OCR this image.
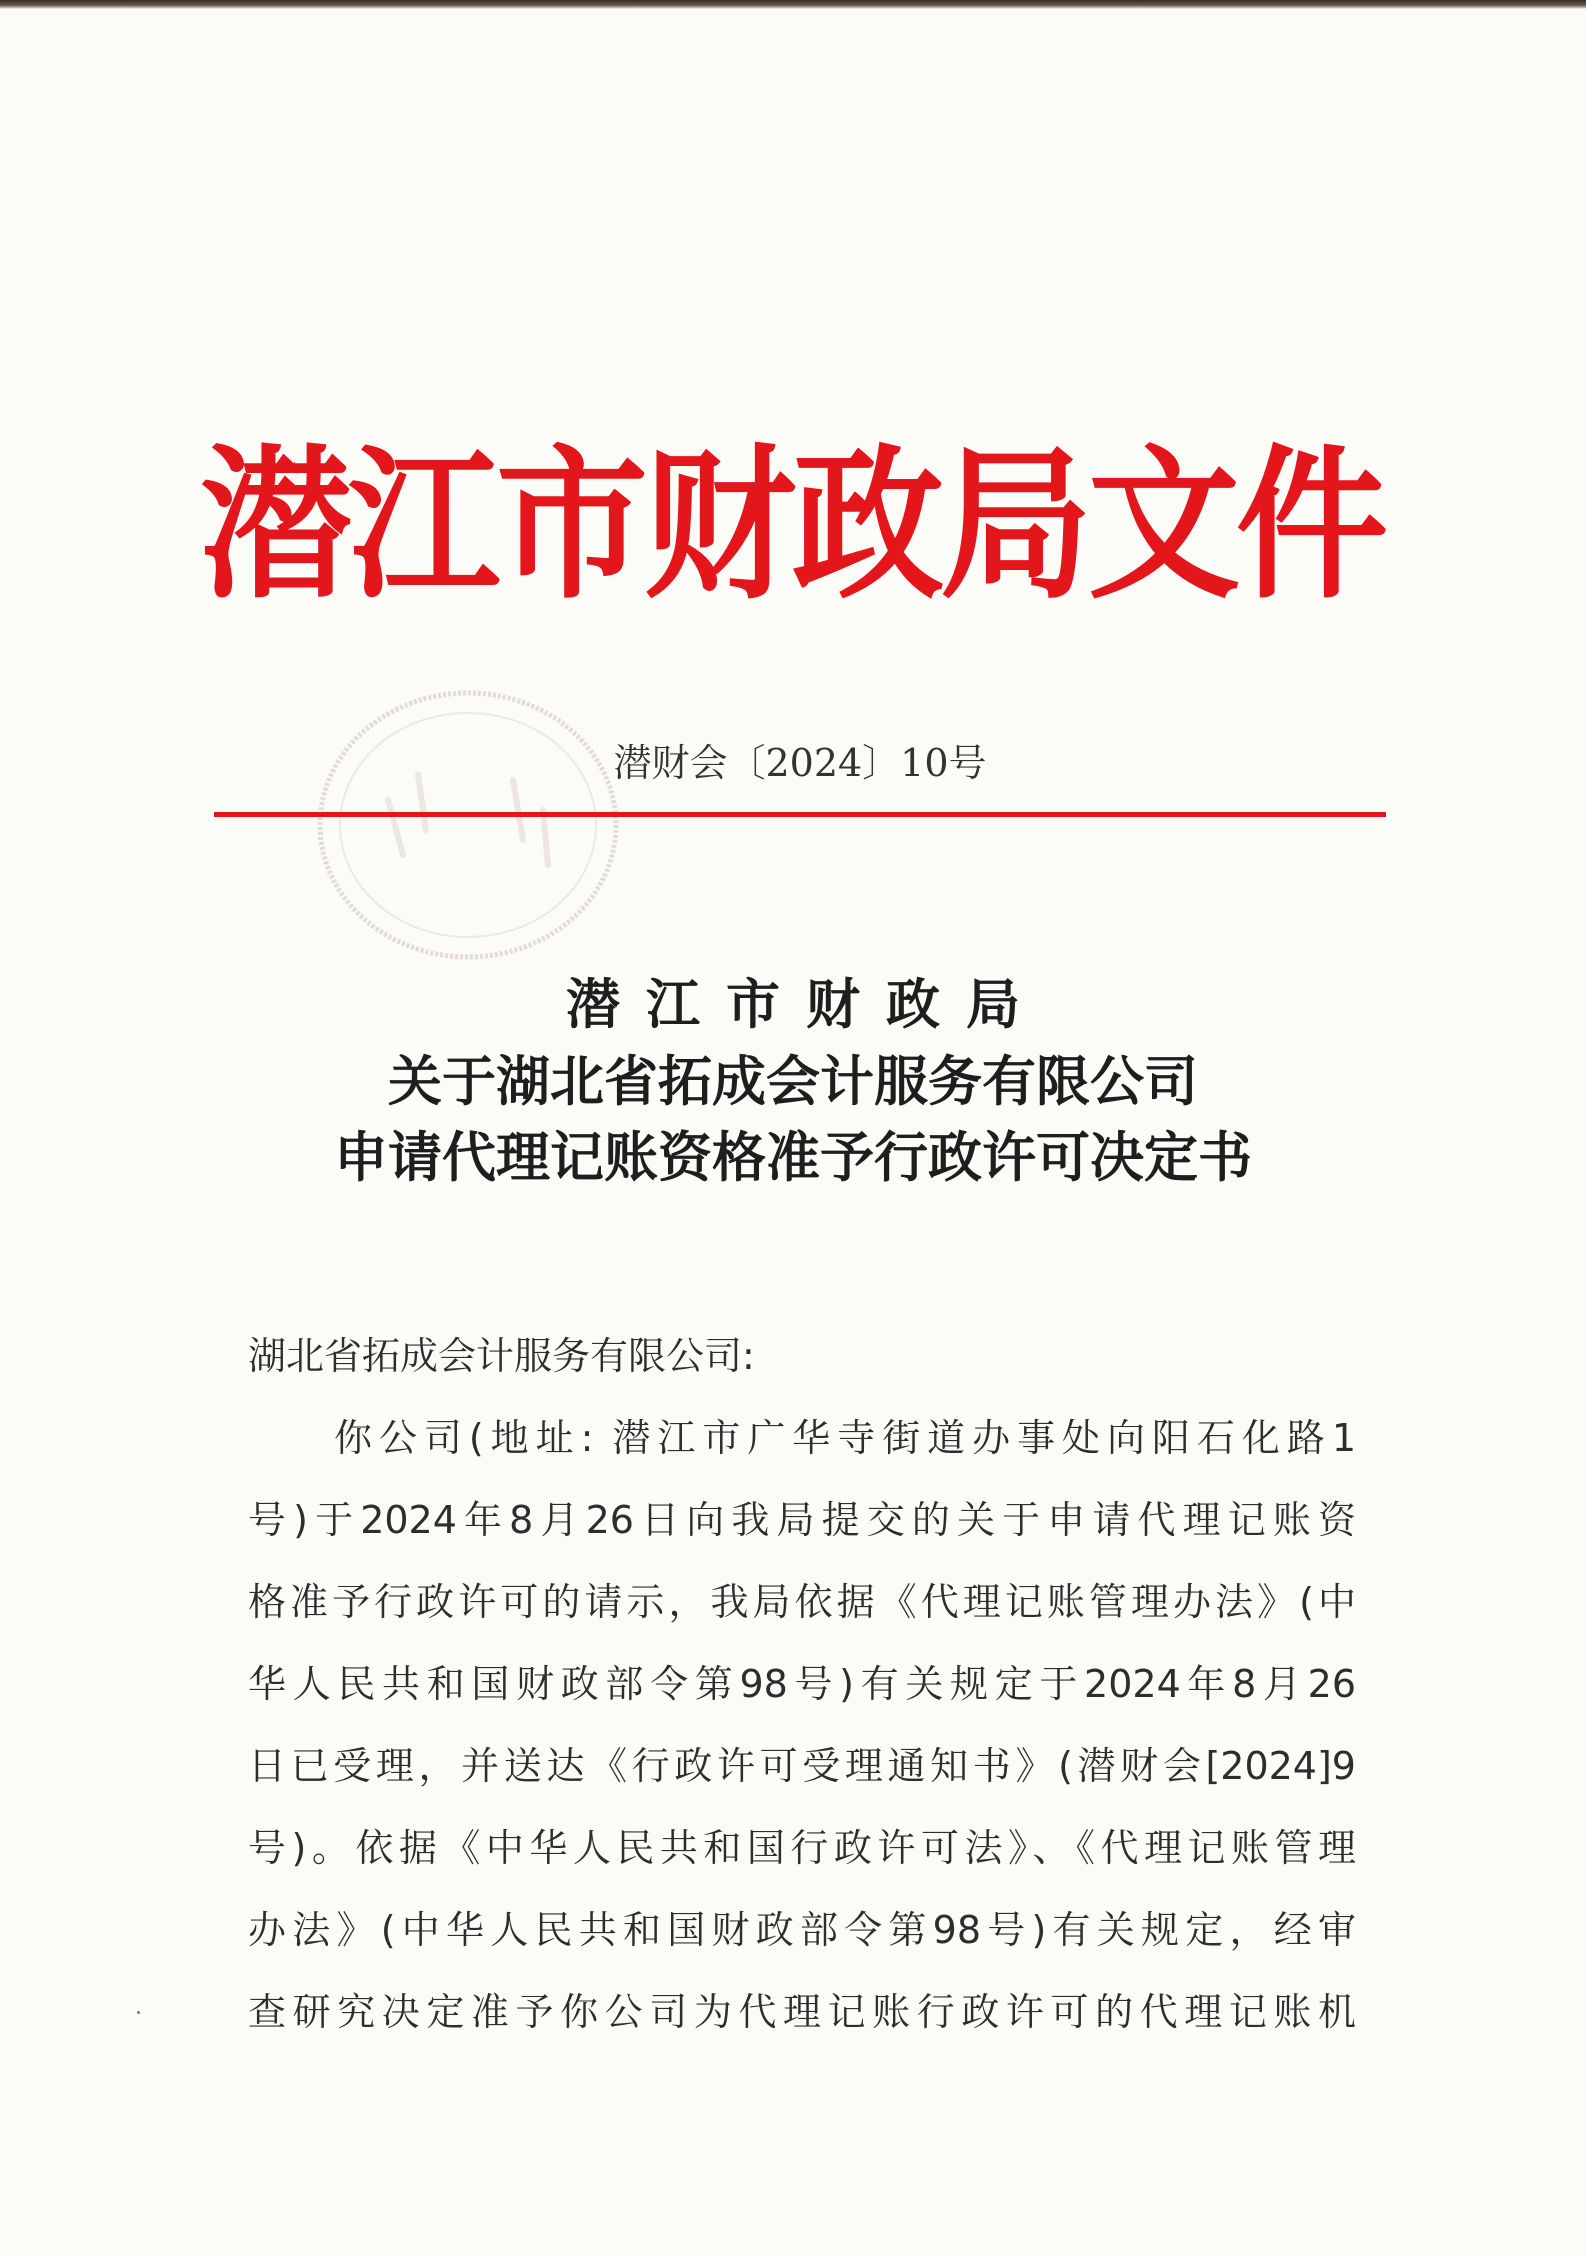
潜江市财政局文件
潜财会〔2024〕10号

潜江市财政局

关于湖北省拓成会计服务有限公司

申请代理记账资格准予行政许可决定书

湖北省拓成会计服务有限公司:

你公司(地址: 潜江市广华寺街道办事处向阳石化路1

号)于2024年8月26日向我局提交的关于申请代理记账资

格准予行政许可的请示，我局依据《代理记账管理办法》(中

华人民共和国财政部令第98号)有关规定于2024年8月26

日已受理，并送达《行政许可受理通知书》(潜财会[2024]9

号)。依据《中华人民共和国行政许可法》、《代理记账管理

办法》(中华人民共和国财政部令第98号)有关规定，经审

查研究决定准予你公司为代理记账行政许可的代理记账机
